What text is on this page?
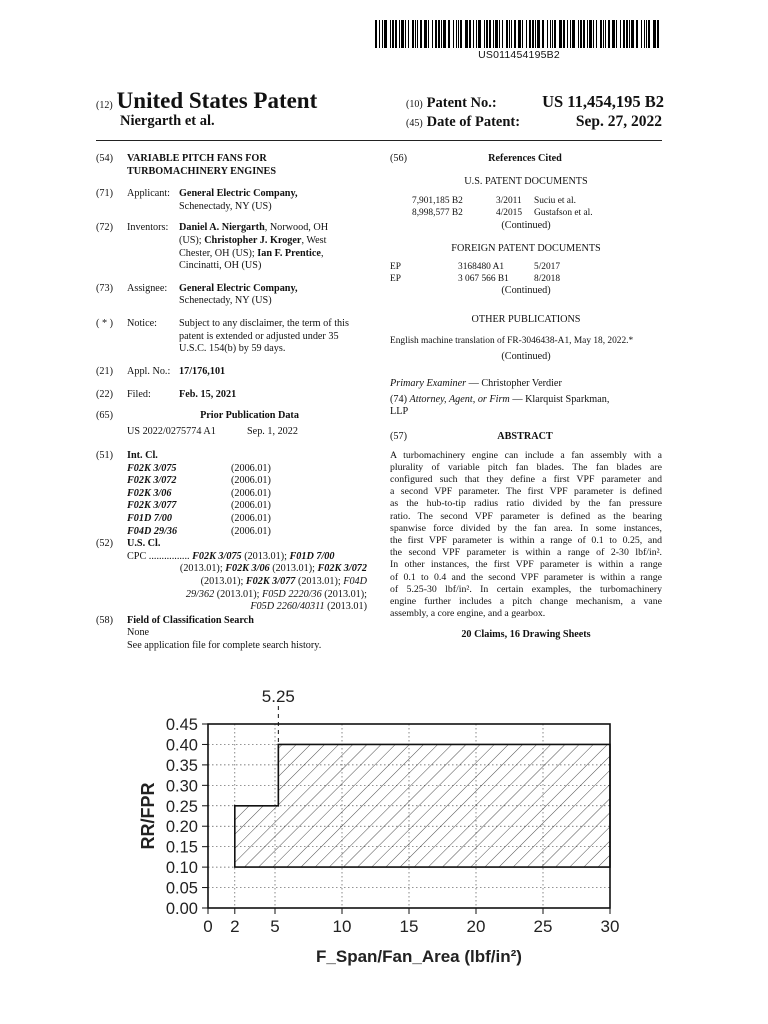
US011454195B2
(12) United States Patent
Niergarth et al.
(10) Patent No.:	US 11,454,195 B2
(45) Date of Patent:	Sep. 27, 2022
(54)	VARIABLE PITCH FANS FOR
TURBOMACHINERY ENGINES
(71)	Applicant: General Electric Company,
Schenectady, NY (US)
(72)	Inventors:	Daniel A. Niergarth, Norwood, OH
(US); Christopher J. Kroger, West
Chester, OH (US); Ian F. Prentice,
Cincinatti, OH (US)
(73)	Assignee:	General Electric Company,
Schenectady, NY (US)
( * )	Notice:	Subject to any disclaimer, the term of this
patent is extended or adjusted under 35
U.S.C. 154(b) by 59 days.
(21)	Appl. No.: 17/176,101
(22)	Filed:	Feb. 15, 2021
(65)	Prior Publication Data
US 2022/0275774 A1	Sep. 1, 2022
(51)	Int. Cl.
F02K 3/075	(2006.01)
F02K 3/072	(2006.01)
F02K 3/06	(2006.01)
F02K 3/077	(2006.01)
F01D 7/00	(2006.01)
F04D 29/36	(2006.01)
(52)	U.S. Cl.
CPC ................ F02K 3/075 (2013.01); F01D 7/00
(2013.01); F02K 3/06 (2013.01); F02K 3/072
(2013.01); F02K 3/077 (2013.01); F04D
29/362 (2013.01); F05D 2220/36 (2013.01);
F05D 2260/40311 (2013.01)
(58)	Field of Classification Search
None
See application file for complete search history.
(56)	References Cited
U.S. PATENT DOCUMENTS
7,901,185 B2	3/2011	Suciu et al.
8,998,577 B2	4/2015	Gustafson et al.
(Continued)
FOREIGN PATENT DOCUMENTS
EP	3168480 A1	5/2017
EP	3 067 566 B1	8/2018
(Continued)
OTHER PUBLICATIONS
English machine translation of FR-3046438-A1, May 18, 2022.*
(Continued)
Primary Examiner — Christopher Verdier
(74) Attorney, Agent, or Firm — Klarquist Sparkman,
LLP
(57)	ABSTRACT
A turbomachinery engine can include a fan assembly with a
plurality of variable pitch fan blades. The fan blades are
configured such that they define a first VPF parameter and
a second VPF parameter. The first VPF parameter is defined
as the hub-to-tip radius ratio divided by the fan pressure
ratio. The second VPF parameter is defined as the bearing
spanwise force divided by the fan area. In some instances,
the first VPF parameter is within a range of 0.1 to 0.25, and
the second VPF parameter is within a range of 2-30 lbf/in².
In other instances, the first VPF parameter is within a range
of 0.1 to 0.4 and the second VPF parameter is within a range
of 5.25-30 lbf/in². In certain examples, the turbomachinery
engine further includes a pitch change mechanism, a vane
assembly, a core engine, and a gearbox.
20 Claims, 16 Drawing Sheets
5.25
0.00
0.05
0.10
0.15
0.20
0.25
0.30
0.35
0.40
0.45
0 2 5	10	15	20	25	30
RR/FPR
F_Span/Fan_Area (lbf/in²)
